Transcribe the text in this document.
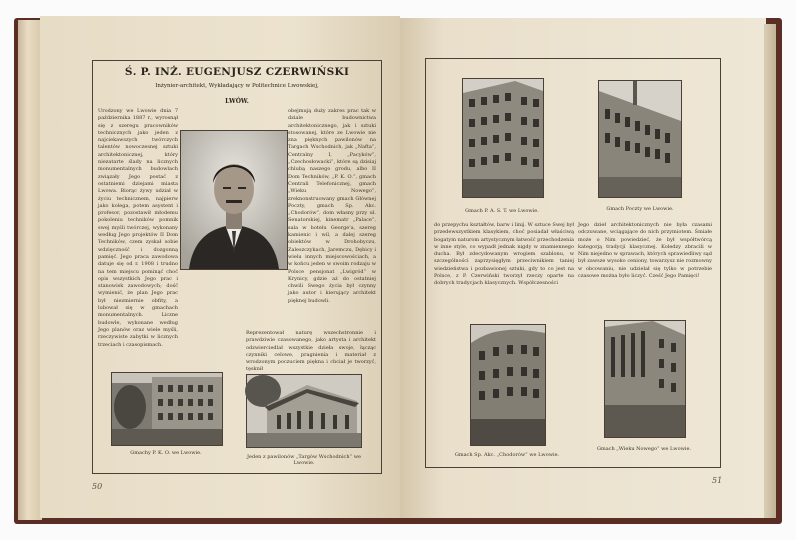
Ś. P. INŻ. EUGENJUSZ CZERWIŃSKI
Inżynier-architekt, Wykładający w Politechnice Lwowskiej,
LWÓW.
Urodzony we Lwowie dnia 7 października 1887 r., wyrosnął się z szeregu pracowników technicznych jako jeden z najciekawszych twórczych talentów nowoczesnej sztuki architektonicznej, który niezatarte ślady na licznych monumentalnych budowlach związały Jego postać z ostatniemi dziejami miasta Lwowa. Biorąc żywy udział w życiu technicznem, najpierw jako kolega, potem asystent i profesor, pozostawił młodemu pokoleniu techników pomnik swej myśli twórczej, wykonany według Jego projektów II Dom Techników, czem zyskał sobie wdzięczność i dozgonną pamięć. Jego praca zawodowa datuje się od r. 1908 i trudno na tem miejscu pominąć choć opis wszystkich Jego prac i stanowisk zawodowych; dość wymienić, że plan Jego prac był niezmiernie obfity, a lubował się w gmachach monumentalnych. Liczne budowle, wykonane według Jego planów oraz wiele myśli, rzeczywiste zabytki w licznych trzeciach i czasopismach.
obejmują duży zakres prac tak w dziale budownictwa architektonicznego, jak i sztuki stosowanej, które ze Lwowie nie zna pięknych pawilonów na Targach Wschodnich, jak „Nafta”, Centralny I, „Pacyków”, „Czechosłowacki”, które są dzisiaj chlubą naszego grodu, albo II Dom Techników, „P. K. O.”, gmach Centrali Telefonicznej, gmach „Wieku Nowego”, zreknonstruowany gmach Głównej Poczty, gmach Sp. Akc. „Chodorów”, dom własny przy ul. Senatorskiej, kinematr „Palace”, sala w hotelu George'a, szereg kamienic i wil, a dalej szereg obiektów w Drohobyczu, Zaleszczykach, Jaremczu, Dębicy i wielu innych miejscowościach, a w końcu jeden w swoim rodzaju w Polsce pensjonat „Lwigród” w Krynicy, gdzie aż do ostatniej chwili Swego życia był czynny jako autor i kierujący architekt pięknej budowli.
Reprezentował naturę wszechstronnie i prawdziwie czasowanego, jako artysta i architekt odzwierciedlał wszystkie dzieła swoje, łącząc czynniki celowe, pragnienia i materiał z wrodzonym poczuciem piękna i chciał je tworzyć, tęsknił
Gmachy P. K. O. we Lwowie.
Jeden z pawilonów „Targów Wschodnich” we Lwowie.
50
Gmach P. A. S. T. we Lwowie.	Gmach Poczty we Lwowie.
do przepychu kształtów, barw i linij. W sztuce Swej był przedewszystkiem klasykiem, choć posiadał właściwą bogatym naturom artystycznym łatwość przechodzenia w inne style, co wypadł jednak nigdy w znamiennego ducha. Był zdecydowanym wrogiem szablonu, w szczególności zaprzysięgłym przeciwnikiem taniej wiedzieństwa i pozbawionej sztuki, gdy to co jest na Polsce, z P. Czerwiński tworzył rzeczy oparte na dobrych tradycjach klasycznych. Współczesności
Jego dzieł architektonicznych nie była czasami odczuwane, wciągające do nich przymiotem. Śmiałe może o Nim powiedzieć, że był współtwórcą kategorją tradycji klasycznej. Koledzy zbracili w Nim niejedno w sprawach, których sprawiedliwy sąd był zawsze wysoko ceniony, towarzysz nie rozmowny w obcowaniu, nie udzielał się tylko w potrzebie czasowe można było liczyć. Cześć Jego Pamięci!
Gmach Sp. Akc. „Chodorów” we Lwowie.
Gmach „Wieku Nowego” we Lwowie.
51
